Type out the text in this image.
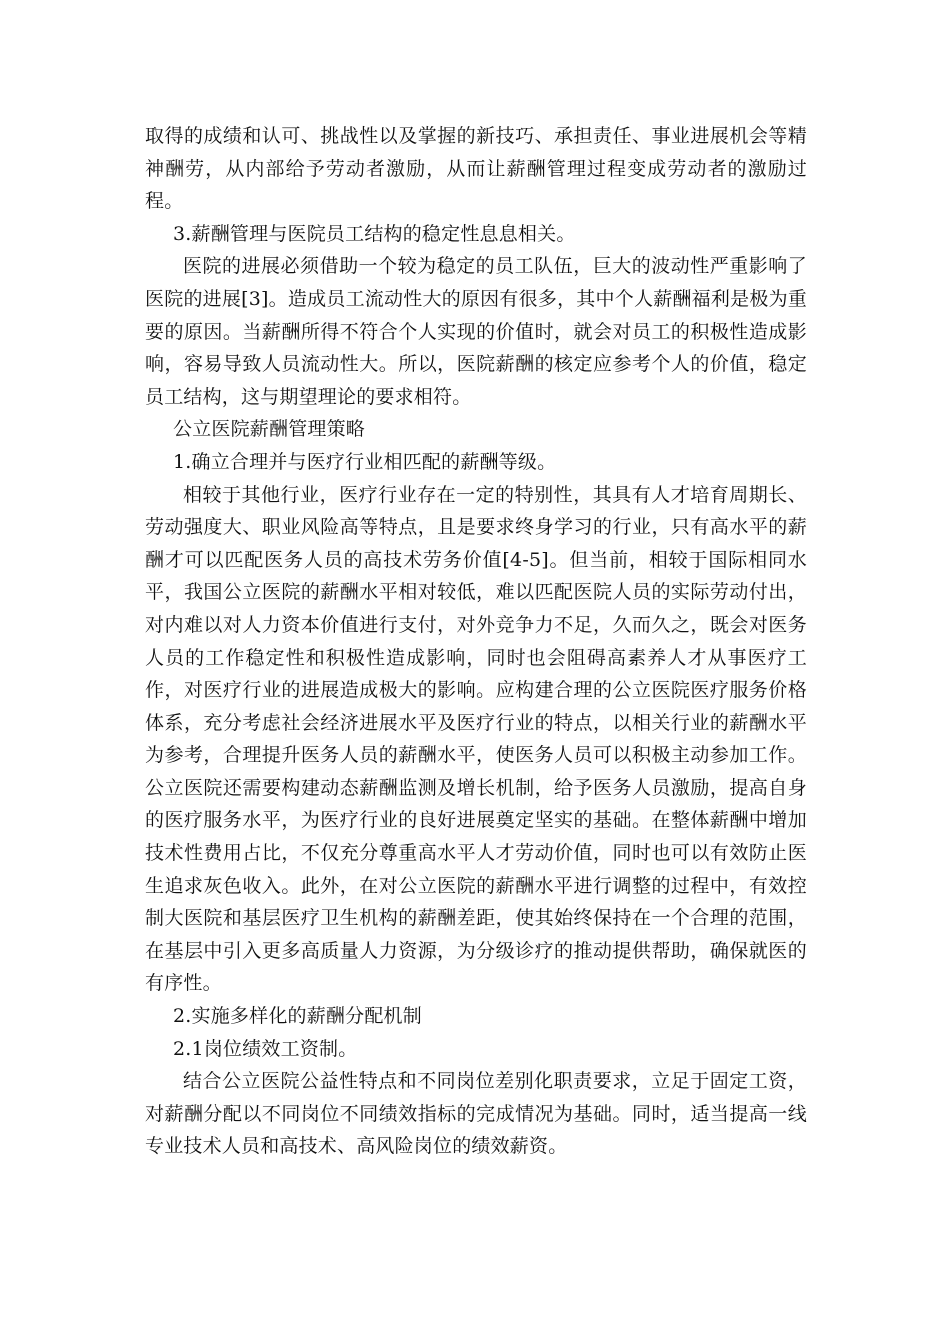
取得的成绩和认可、挑战性以及掌握的新技巧、承担责任、事业进展机会等精神酬劳，从内部给予劳动者激励，从而让薪酬管理过程变成劳动者的激励过程。

3.薪酬管理与医院员工结构的稳定性息息相关。

医院的进展必须借助一个较为稳定的员工队伍，巨大的波动性严重影响了医院的进展[3]。造成员工流动性大的原因有很多，其中个人薪酬福利是极为重要的原因。当薪酬所得不符合个人实现的价值时，就会对员工的积极性造成影响，容易导致人员流动性大。所以，医院薪酬的核定应参考个人的价值，稳定员工结构，这与期望理论的要求相符。

公立医院薪酬管理策略

1.确立合理并与医疗行业相匹配的薪酬等级。

相较于其他行业，医疗行业存在一定的特别性，其具有人才培育周期长、劳动强度大、职业风险高等特点，且是要求终身学习的行业，只有高水平的薪酬才可以匹配医务人员的高技术劳务价值[4-5]。但当前，相较于国际相同水平，我国公立医院的薪酬水平相对较低，难以匹配医院人员的实际劳动付出，对内难以对人力资本价值进行支付，对外竞争力不足，久而久之，既会对医务人员的工作稳定性和积极性造成影响，同时也会阻碍高素养人才从事医疗工作，对医疗行业的进展造成极大的影响。应构建合理的公立医院医疗服务价格体系，充分考虑社会经济进展水平及医疗行业的特点，以相关行业的薪酬水平为参考，合理提升医务人员的薪酬水平，使医务人员可以积极主动参加工作。公立医院还需要构建动态薪酬监测及增长机制，给予医务人员激励，提高自身的医疗服务水平，为医疗行业的良好进展奠定坚实的基础。在整体薪酬中增加技术性费用占比，不仅充分尊重高水平人才劳动价值，同时也可以有效防止医生追求灰色收入。此外，在对公立医院的薪酬水平进行调整的过程中，有效控制大医院和基层医疗卫生机构的薪酬差距，使其始终保持在一个合理的范围，在基层中引入更多高质量人力资源，为分级诊疗的推动提供帮助，确保就医的有序性。

2.实施多样化的薪酬分配机制

2.1岗位绩效工资制。

结合公立医院公益性特点和不同岗位差别化职责要求，立足于固定工资，对薪酬分配以不同岗位不同绩效指标的完成情况为基础。同时，适当提高一线专业技术人员和高技术、高风险岗位的绩效薪资。
